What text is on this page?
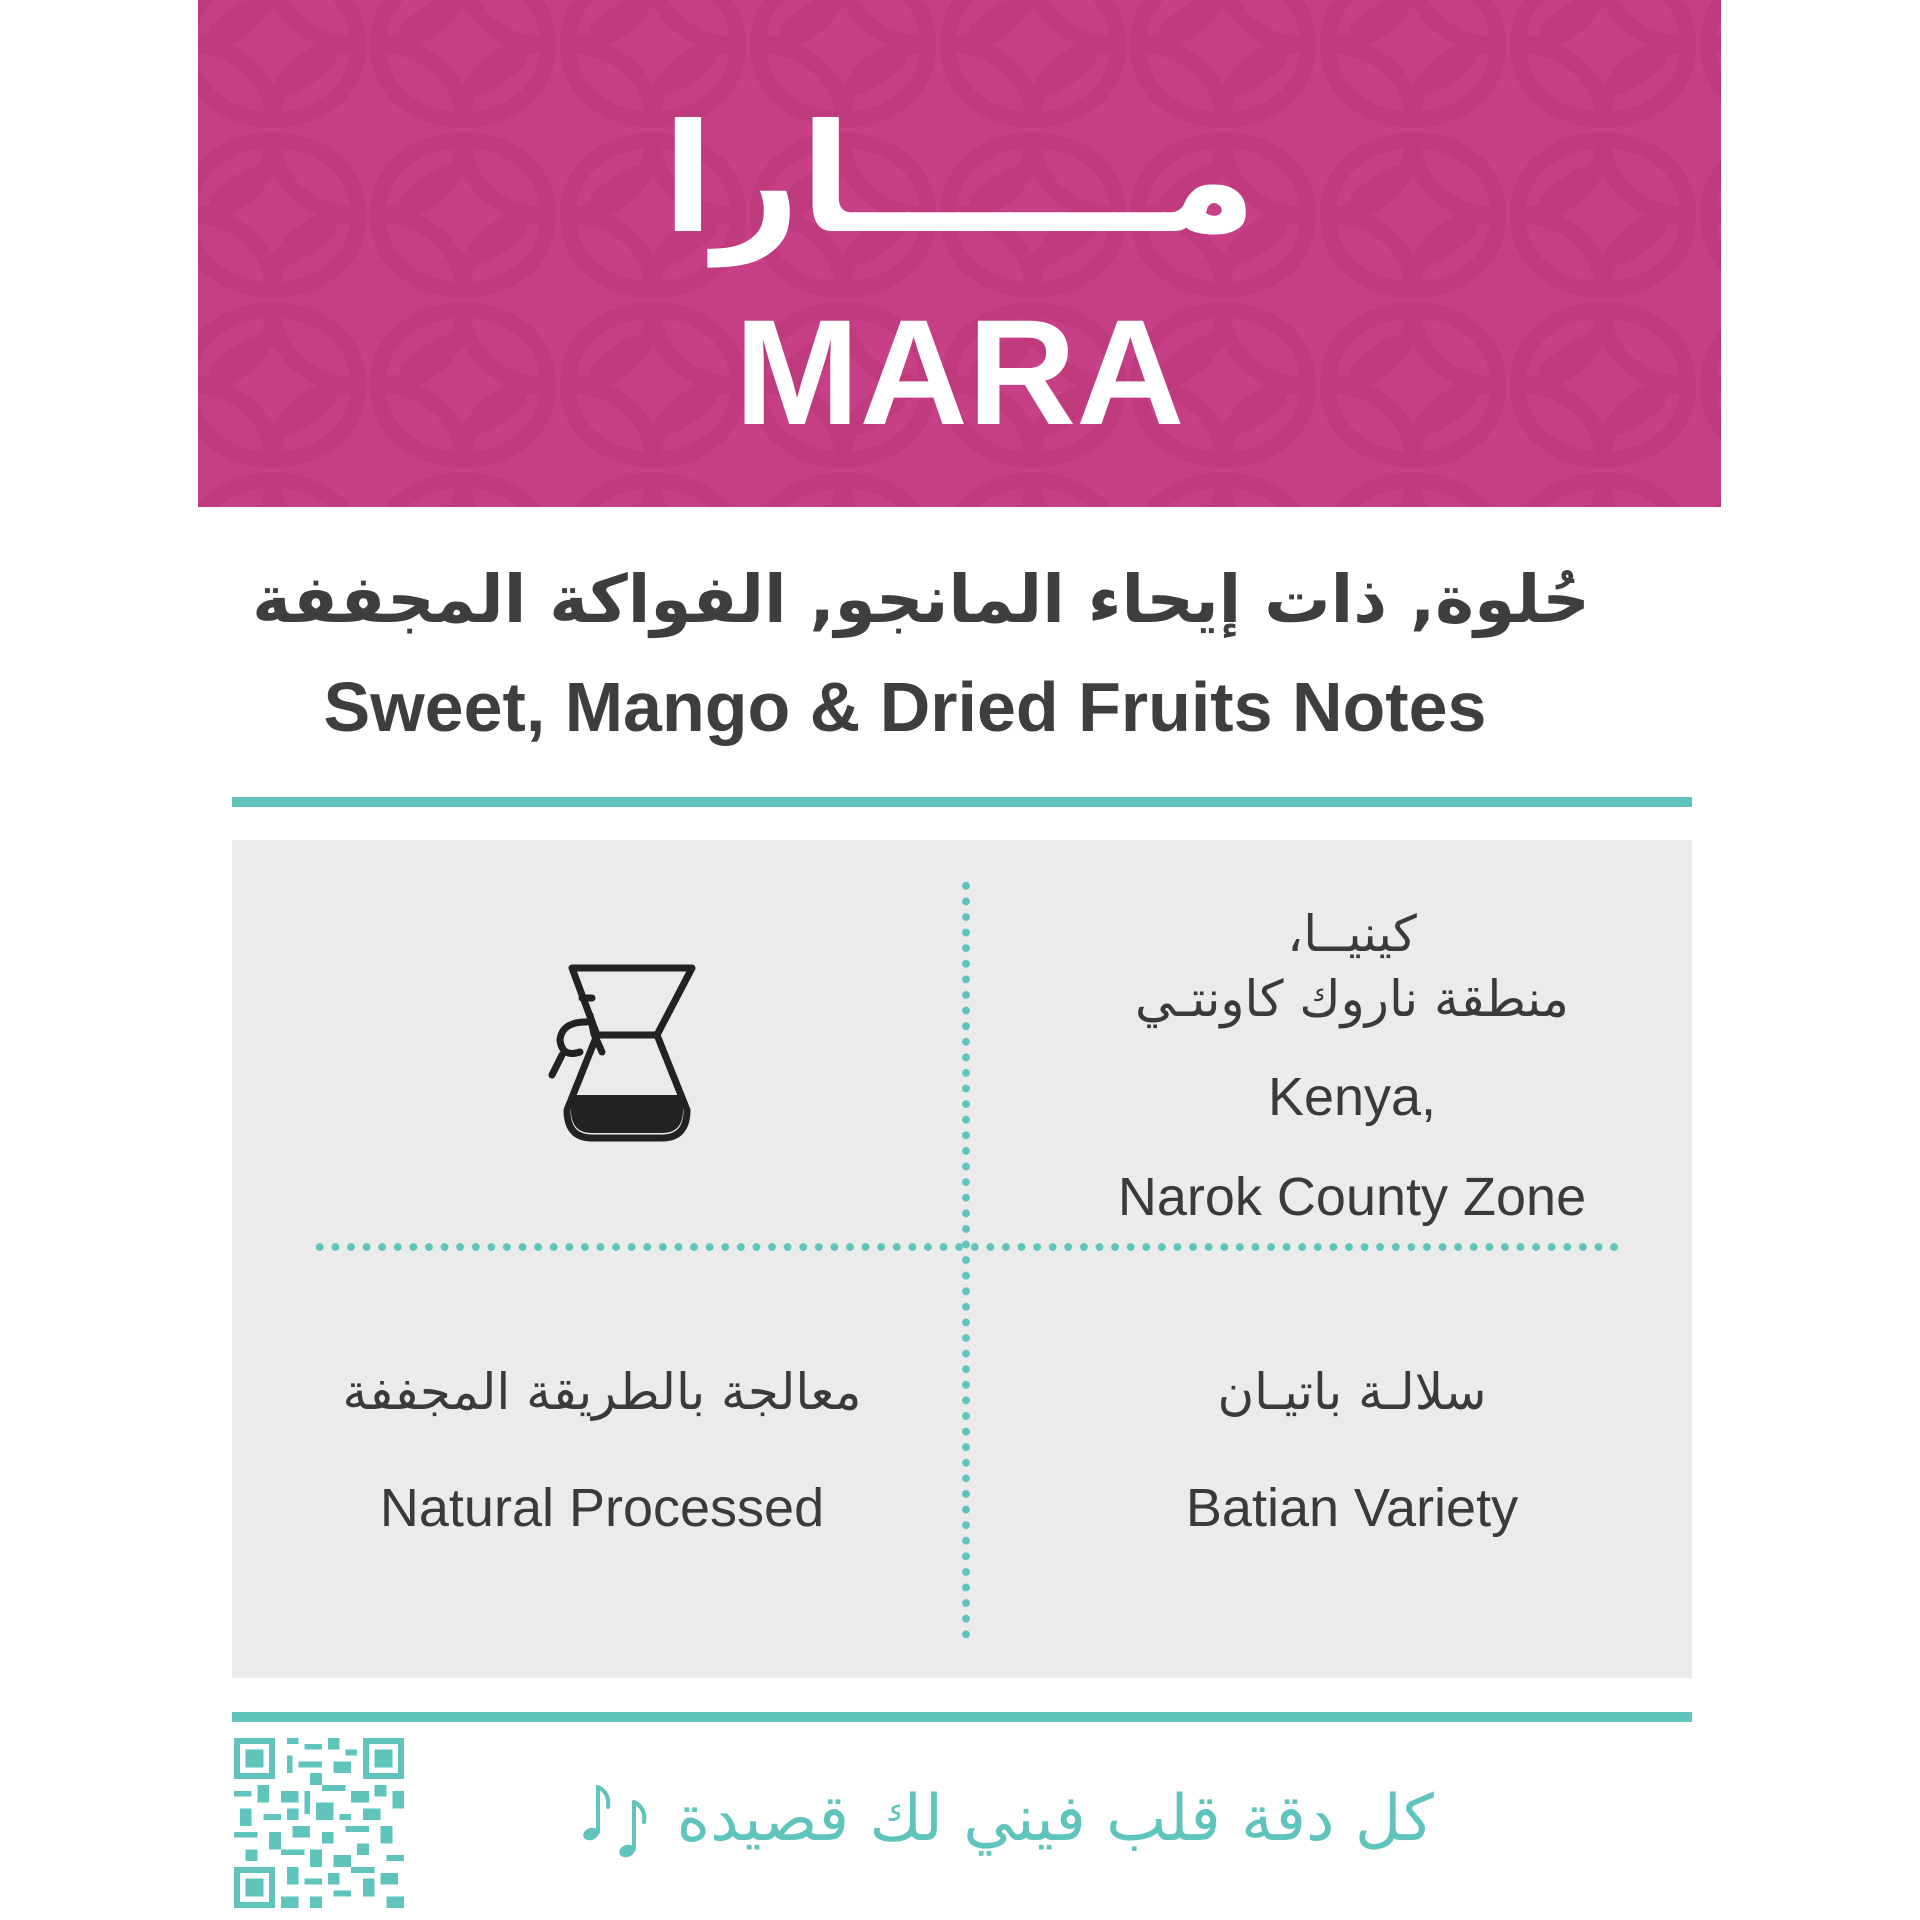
مــــــارا
MARA
حُلوة, ذات إيحاء المانجو, الفواكة المجففة
Sweet, Mango & Dried Fruits Notes
كينيــا،
منطقة ناروك كاونتـي
Kenya,
Narok County Zone
سلالـة باتيـان
Batian Variety
معالجة بالطريقة المجففة
Natural Processed
كل دقة قلب فيني لك قصيدة
